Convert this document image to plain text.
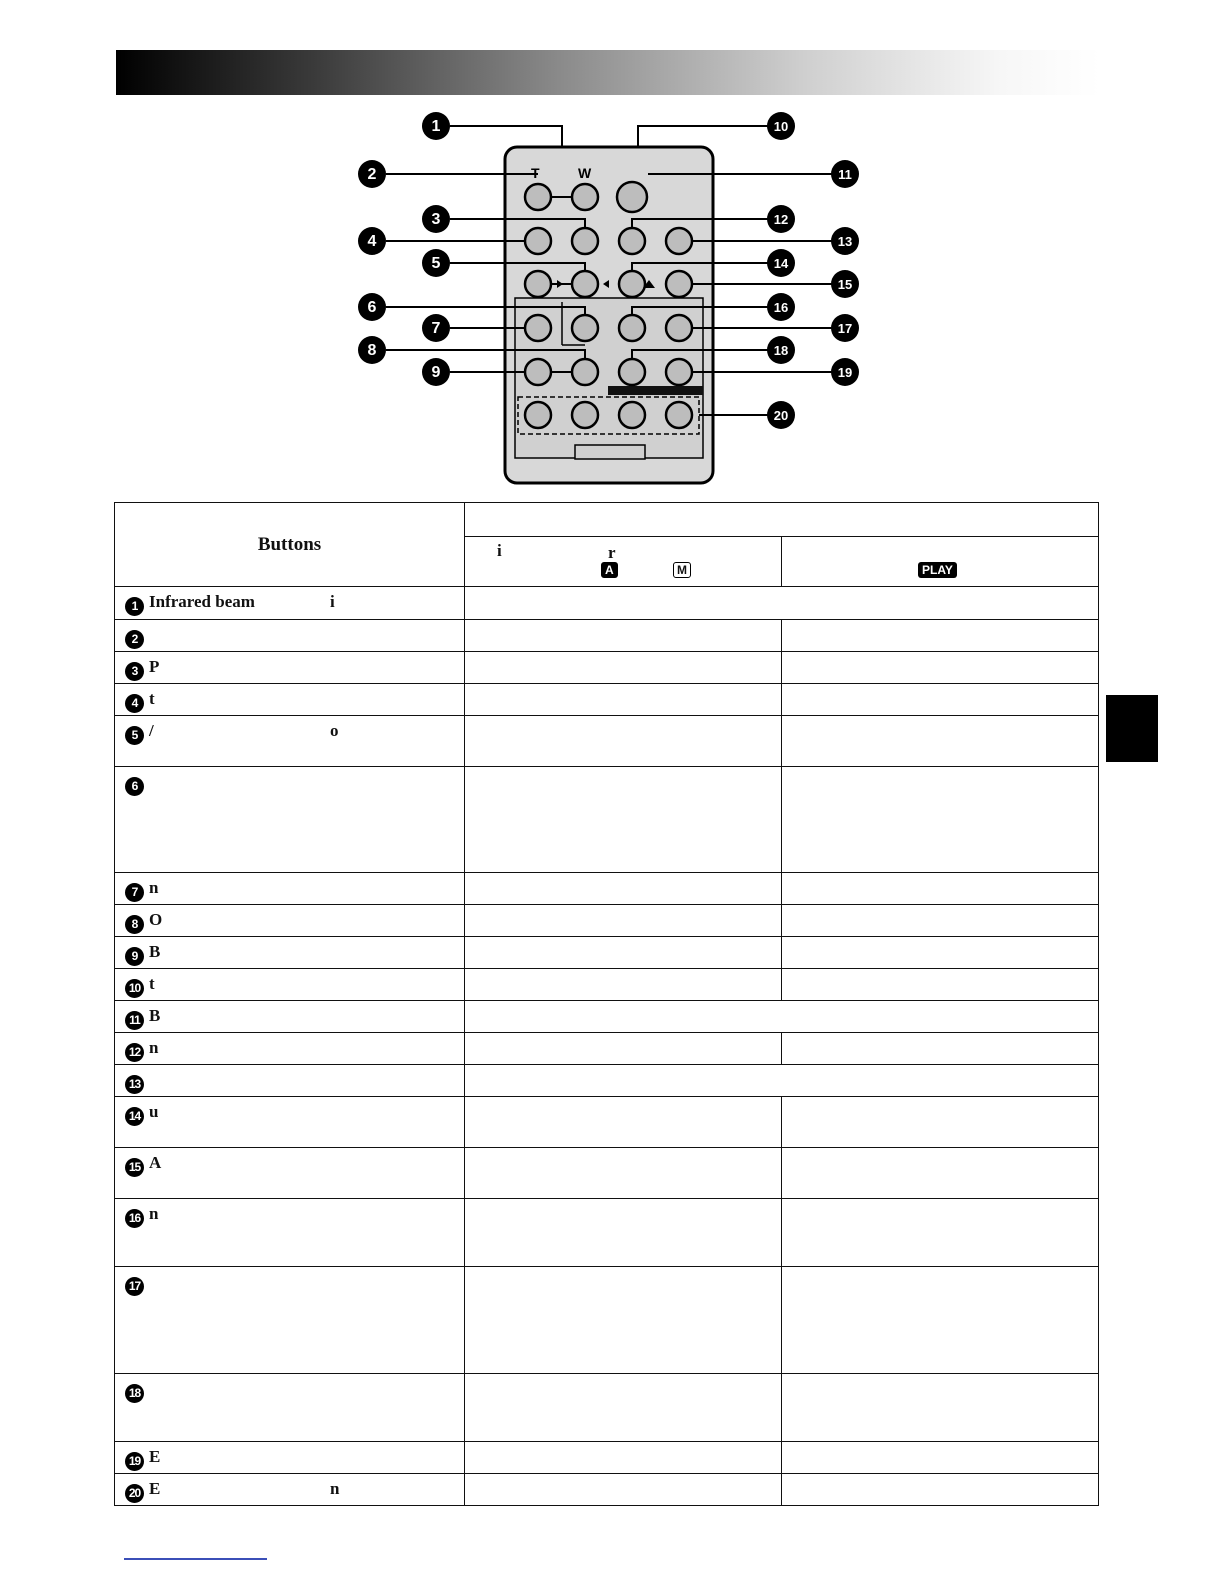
T	W
1
2
3
4
5
6
7
8
9
10
11
12
13
14
15
16
17
18
19
20
Buttons		

	i r
A M	PLAY

1 Infrared beam i		

2

3 P

4 t

5 / o		

6

7 n

8 O

9 B

10 t

11 B	

12 n

13	

14 u

15 A

16 n

17

18

19 E

20 E n		
